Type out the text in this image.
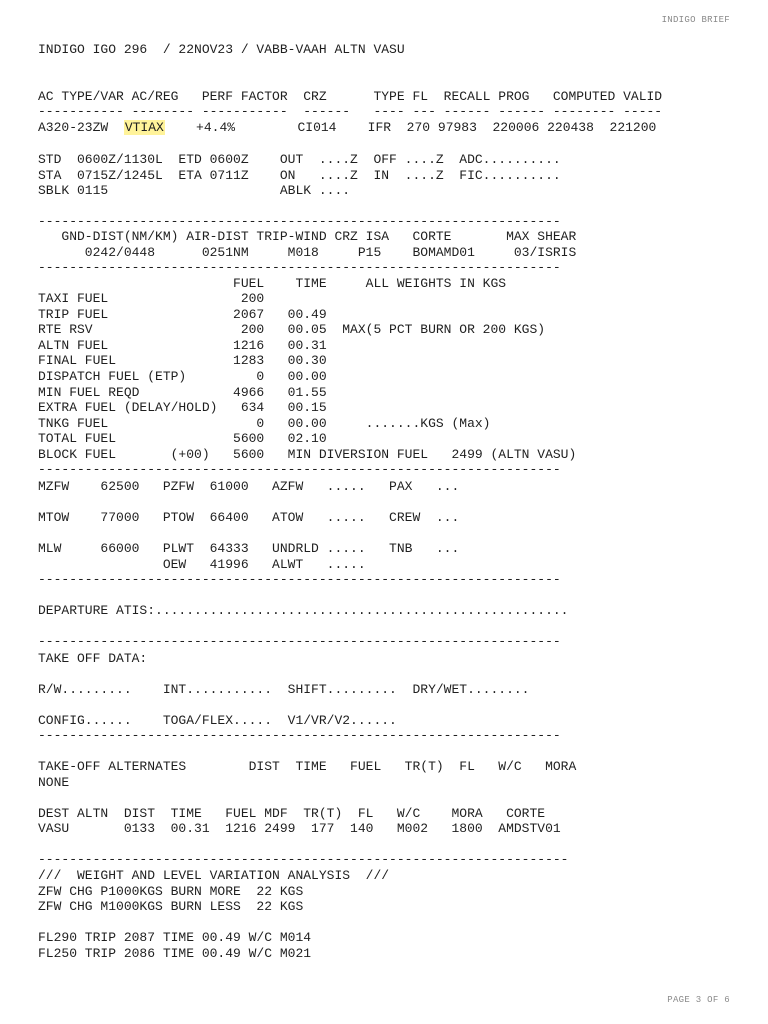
INDIGO BRIEF
INDIGO IGO 296  / 22NOV23 / VABB-VAAH ALTN VASU
AC TYPE/VAR AC/REG   PERF FACTOR  CRZ      TYPE FL  RECALL PROG   COMPUTED VALID
----------- -------- -----------  ------   ---- --- ------ ------ -------- -----
A320-23ZW  VTIAX    +4.4%        CI014    IFR  270 97983  220006 220438  221200
STD  0600Z/1130L  ETD 0600Z    OUT  ....Z  OFF ....Z  ADC..........
STA  0715Z/1245L  ETA 0711Z    ON   ....Z  IN  ....Z  FIC..........
SBLK 0115                      ABLK ....
-------------------------------------------------------------------
GND-DIST(NM/KM) AIR-DIST TRIP-WIND CRZ ISA   CORTE       MAX SHEAR
0242/0448      0251NM     M018     P15    BOMAMD01     03/ISRIS
-------------------------------------------------------------------
FUEL    TIME     ALL WEIGHTS IN KGS
TAXI FUEL                 200
TRIP FUEL                2067   00.49
RTE RSV                   200   00.05  MAX(5 PCT BURN OR 200 KGS)
ALTN FUEL                1216   00.31
FINAL FUEL               1283   00.30
DISPATCH FUEL (ETP)         0   00.00
MIN FUEL REQD            4966   01.55
EXTRA FUEL (DELAY/HOLD)   634   00.15
TNKG FUEL                   0   00.00     .......KGS (Max)
TOTAL FUEL               5600   02.10
BLOCK FUEL       (+00)   5600   MIN DIVERSION FUEL   2499 (ALTN VASU)
-------------------------------------------------------------------
MZFW    62500   PZFW  61000   AZFW   .....   PAX   ...
MTOW    77000   PTOW  66400   ATOW   .....   CREW  ...
MLW     66000   PLWT  64333   UNDRLD .....   TNB   ...
OEW   41996   ALWT   .....
-------------------------------------------------------------------
DEPARTURE ATIS:.....................................................
-------------------------------------------------------------------
TAKE OFF DATA:
R/W.........    INT...........  SHIFT.........  DRY/WET........
CONFIG......    TOGA/FLEX.....  V1/VR/V2......
-------------------------------------------------------------------
TAKE-OFF ALTERNATES        DIST  TIME   FUEL   TR(T)  FL   W/C   MORA
NONE
DEST ALTN  DIST  TIME   FUEL MDF  TR(T)  FL   W/C    MORA   CORTE
VASU       0133  00.31  1216 2499  177  140   M002   1800  AMDSTV01
--------------------------------------------------------------------
///  WEIGHT AND LEVEL VARIATION ANALYSIS  ///
ZFW CHG P1000KGS BURN MORE  22 KGS
ZFW CHG M1000KGS BURN LESS  22 KGS
FL290 TRIP 2087 TIME 00.49 W/C M014
FL250 TRIP 2086 TIME 00.49 W/C M021
PAGE 3 OF 6
